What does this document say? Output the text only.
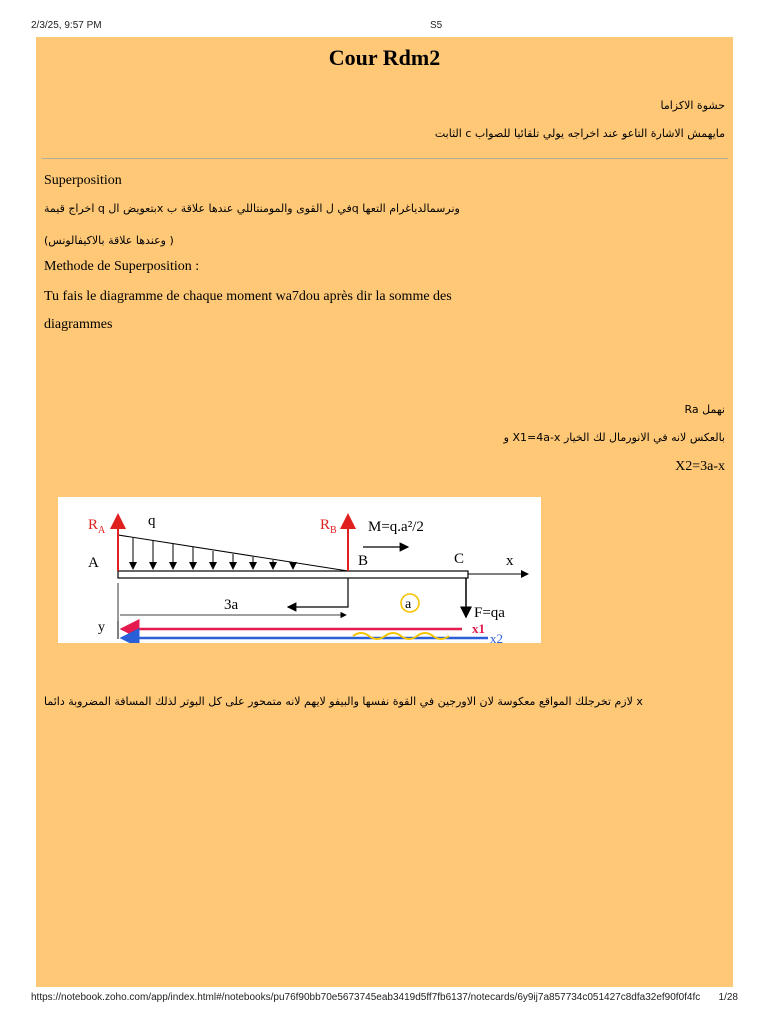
2/3/25, 9:57 PM	S5
Cour Rdm2
حشوة الاكزاما
مايهمش الاشارة التاعو عند اخراجه يولي تلقائيا للصواب c الثابت
Superposition
ونرسمالدياغرام التعها qفي ل القوى والمومنتاللي عندها علاقة ب xبتعويض ال q اخراج قيمة
( وعندها علاقة بالاكيفالونس)
Methode de Superposition :
Tu fais le diagramme de chaque moment wa7dou après dir la somme des
diagrammes
نهمل Ra
بالعكس لانه في الانورمال لك الخيار X1=4a-x و
X2=3a-x
$R_A$
q
A
$R_B$ M=q.a²/2
B	C	x
3a	a
F=qa
y	x1
x2
x لازم تخرجلك المواقع معكوسة لان الاورجين في القوة نفسها والبيفو لايهم لانه متمحور على كل البوتر لذلك المسافة المضروبة دائما
https://notebook.zoho.com/app/index.html#/notebooks/pu76f90bb70e5673745eab3419d5ff7fb6137/notecards/6y9ij7a857734c051427c8dfa32ef90f0f4fc 1/28
